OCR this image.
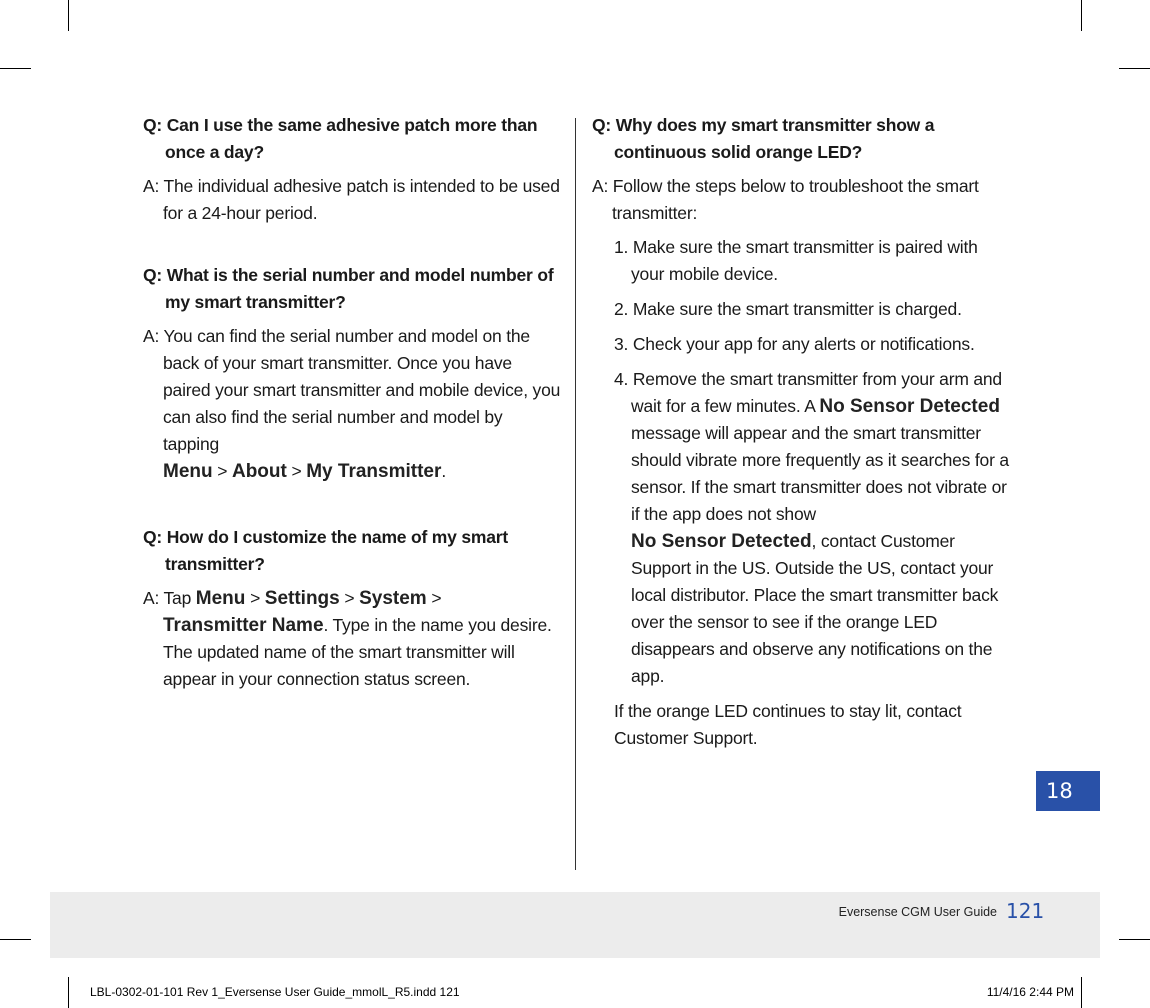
Q: Can I use the same adhesive patch more than once a day?

A: The individual adhesive patch is intended to be used for a 24-hour period.

Q: What is the serial number and model number of my smart transmitter?

A: You can find the serial number and model on the back of your smart transmitter. Once you have paired your smart transmitter and mobile device, you can also find the serial number and model by tapping
Menu > About > My Transmitter.

Q: How do I customize the name of my smart transmitter?

A: Tap Menu > Settings > System >
Transmitter Name. Type in the name you desire. The updated name of the smart transmitter will appear in your connection status screen.

Q: Why does my smart transmitter show a continuous solid orange LED?

A: Follow the steps below to troubleshoot the smart transmitter:

1. Make sure the smart transmitter is paired with your mobile device.
2. Make sure the smart transmitter is charged.
3. Check your app for any alerts or notifications.
4. Remove the smart transmitter from your arm and wait for a few minutes. A No Sensor Detected message will appear and the smart transmitter should vibrate more frequently as it searches for a sensor. If the smart transmitter does not vibrate or if the app does not show
No Sensor Detected, contact Customer Support in the US. Outside the US, contact your local distributor. Place the smart transmitter back over the sensor to see if the orange LED disappears and observe any notifications on the app.

If the orange LED continues to stay lit, contact Customer Support.

18
Eversense CGM User Guide 121
LBL-0302-01-101 Rev 1_Eversense User Guide_mmolL_R5.indd 121	11/4/16 2:44 PM
